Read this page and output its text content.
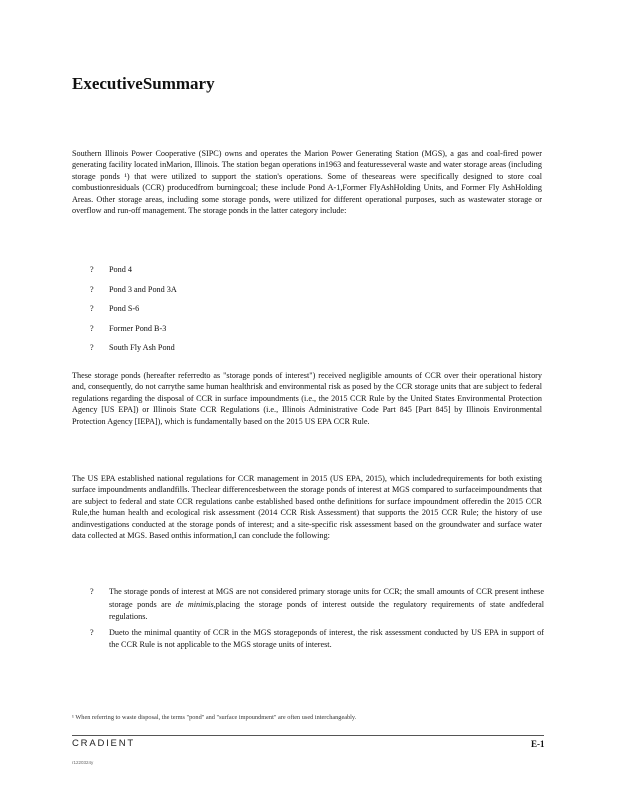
ExecutiveSummary

Southern Illinois Power Cooperative (SIPC) owns and operates the Marion Power Generating Station (MGS), a gas and coal-fired power generating facility located inMarion, Illinois. The station began operations in1963 and featuresseveral waste and water storage areas (including storage ponds ¹) that were utilized to support the station's operations. Some of theseareas were specifically designed to store coal combustionresiduals (CCR) producedfrom burningcoal; these include Pond A-1,Former FlyAshHolding Units, and Former Fly AshHolding Areas. Other storage areas, including some storage ponds, were utilized for different operational purposes, such as wastewater storage or overflow and run-off management. The storage ponds in the latter category include:

? Pond 4
? Pond 3 and Pond 3A
? Pond S-6
? Former Pond B-3
? South Fly Ash Pond

These storage ponds (hereafter referredto as "storage ponds of interest") received negligible amounts of CCR over their operational history and, consequently, do not carrythe same human healthrisk and environmental risk as posed by the CCR storage units that are subject to federal regulations regarding the disposal of CCR in surface impoundments (i.e., the 2015 CCR Rule by the United States Environmental Protection Agency [US EPA]) or Illinois State CCR Regulations (i.e., Illinois Administrative Code Part 845 [Part 845] by Illinois Environmental Protection Agency [IEPA]), which is fundamentally based on the 2015 US EPA CCR Rule.

The US EPA established national regulations for CCR management in 2015 (US EPA, 2015), which includedrequirements for both existing surface impoundments andlandfills. Theclear differencesbetween the storage ponds of interest at MGS compared to surfaceimpoundments that are subject to federal and state CCR regulations canbe established based onthe definitions for surface impoundment offeredin the 2015 CCR Rule,the human health and ecological risk assessment (2014 CCR Risk Assessment) that supports the 2015 CCR Rule; the history of use andinvestigations conducted at the storage ponds of interest; and a site-specific risk assessment based on the groundwater and surface water data collected at MGS. Based onthis information,I can conclude the following:

? The storage ponds of interest at MGS are not considered primary storage units for CCR; the small amounts of CCR present inthese storage ponds are de minimis,placing the storage ponds of interest outside the regulatory requirements of state andfederal regulations.
? Dueto the minimal quantity of CCR in the MGS storageponds of interest, the risk assessment conducted by US EPA in support of the CCR Rule is not applicable to the MGS storage units of interest.
¹ When referring to waste disposal, the terms "pond" and "surface impoundment" are often used interchangeably.
CRADIENT	E-1
r1220324y
